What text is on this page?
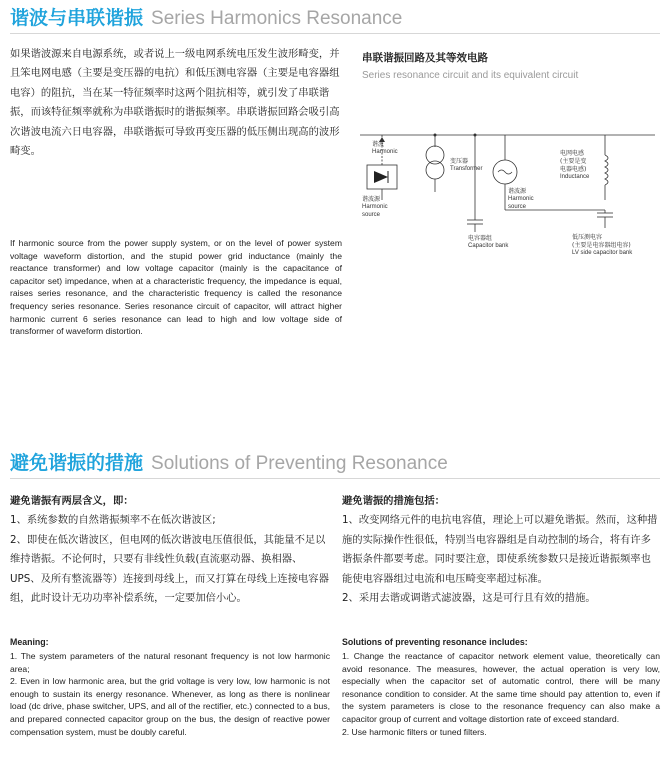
谐波与串联谐振 Series Harmonics Resonance
如果谐波源来自电源系统，或者说上一级电网系统电压发生波形畸变，并且笨电网电感（主要是变压器的电抗）和低压测电容器（主要是电容器组电容）的阻抗，当在某一特征频率时这两个阻抗相等，就引发了串联谐振，而该特征频率就称为串联谐振时的谐振频率。串联谐振回路会吸引高次谐波电流六日电容器，串联谐振可导致再变压器的低压侧出现高的波形畸变。
If harmonic source from the power supply system, or on the level of power system voltage waveform distortion, and the stupid power grid inductance (mainly the reactance transformer) and low voltage capacitor (mainly is the capacitance of capacitor set) impedance, when at a characteristic frequency, the impedance is equal, raises series resonance, and the characteristic frequency is called the resonance frequency series resonance. Series resonance circuit of capacitor, will attract higher harmonic current 6 series resonance can lead to high and low voltage side of transformer of waveform distortion.
串联谐振回路及其等效电路
Series resonance circuit and its equivalent circuit
谐波
Harmonic
变压器
Transformer
谐波源
Harmonic
source
电容器组
Capacitor bank
电网电感
(主要是变
电器电感)
Inductance
谐波源
Harmonic
source
低压测电容
(主要是电容器组电容)
LV side capacitor bank
避免谐振的措施 Solutions of Preventing Resonance
避免谐振有两层含义，即：
1、系统参数的自然谐振频率不在低次谐波区;
2、即使在低次谐波区，但电网的低次谐波电压值很低，其能量不足以维持谐振。不论何时，只要有非线性负载(直流驱动器、换相器、UPS、及所有整流器等）连接到母线上，而又打算在母线上连接电容器组，此时设计无功功率补偿系统，一定要加倍小心。
Meaning:
1. The system parameters of the natural resonant frequency is not low harmonic area;
2. Even in low harmonic area, but the grid voltage is very low, low harmonic is not enough to sustain its energy resonance. Whenever, as long as there is nonlinear load (dc drive, phase switcher, UPS, and all of the rectifier, etc.) connected to a bus, and prepared connected capacitor group on the bus, the design of reactive power compensation system, must be doubly careful.
避免谐振的措施包括：
1、改变网络元件的电抗电容值，理论上可以避免谐振。然而，这种措施的实际操作性很低，特别当电容器组是自动控制的场合，将有许多谐振条件都要考虑。同时要注意，即使系统参数只是接近谐振频率也能使电容器组过电流和电压畸变率超过标准。
2、采用去谐或调谐式滤波器，这是可行且有效的措施。
Solutions of preventing resonance includes:
1. Change the reactance of capacitor network element value, theoretically can avoid resonance. The measures, however, the actual operation is very low, especially when the capacitor set of automatic control, there will be many resonance condition to consider. At the same time should pay attention to, even if the system parameters is close to the resonance frequency can also make a capacitor group of current and voltage distortion rate of exceed standard.
2. Use harmonic filters or tuned filters.
